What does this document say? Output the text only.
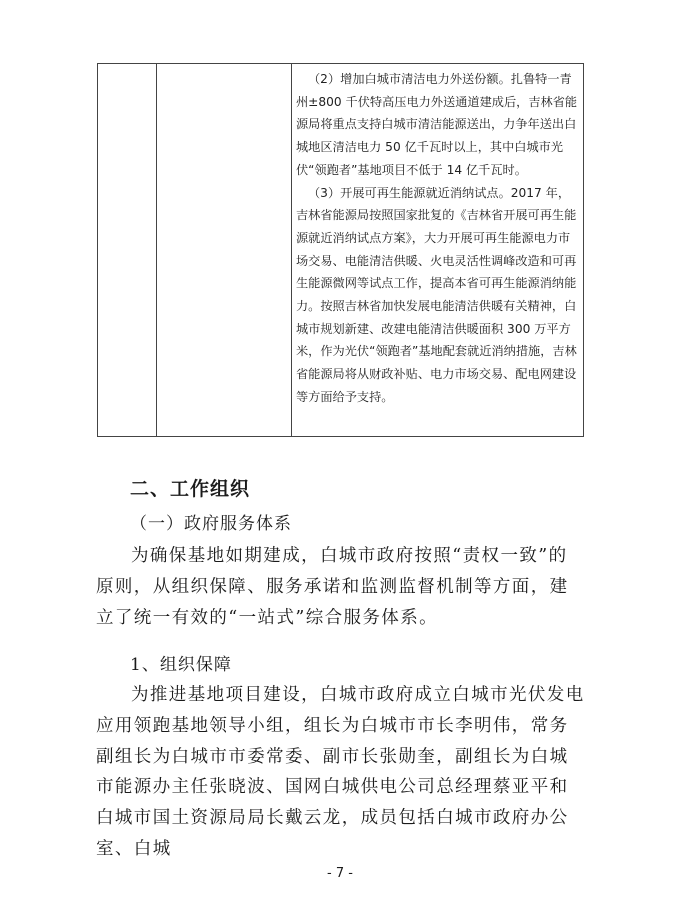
（2）增加白城市清洁电力外送份额。扎鲁特一青州±800 千伏特高压电力外送通道建成后，吉林省能源局将重点支持白城市清洁能源送出，力争年送出白城地区清洁电力 50 亿千瓦时以上，其中白城市光伏“领跑者”基地项目不低于 14 亿千瓦时。

（3）开展可再生能源就近消纳试点。2017 年，吉林省能源局按照国家批复的《吉林省开展可再生能源就近消纳试点方案》，大力开展可再生能源电力市场交易、电能清洁供暖、火电灵活性调峰改造和可再生能源微网等试点工作，提高本省可再生能源消纳能力。按照吉林省加快发展电能清洁供暖有关精神，白城市规划新建、改建电能清洁供暖面积 300 万平方米，作为光伏“领跑者”基地配套就近消纳措施，吉林省能源局将从财政补贴、电力市场交易、配电网建设等方面给予支持。

二、工作组织
（一）政府服务体系

为确保基地如期建成，白城市政府按照“责权一致”的原则，从组织保障、服务承诺和监测监督机制等方面，建立了统一有效的“一站式”综合服务体系。

1、组织保障

为推进基地项目建设，白城市政府成立白城市光伏发电应用领跑基地领导小组，组长为白城市市长李明伟，常务副组长为白城市市委常委、副市长张勋奎，副组长为白城市能源办主任张晓波、国网白城供电公司总经理蔡亚平和白城市国土资源局局长戴云龙，成员包括白城市政府办公室、白城

- 7 -
